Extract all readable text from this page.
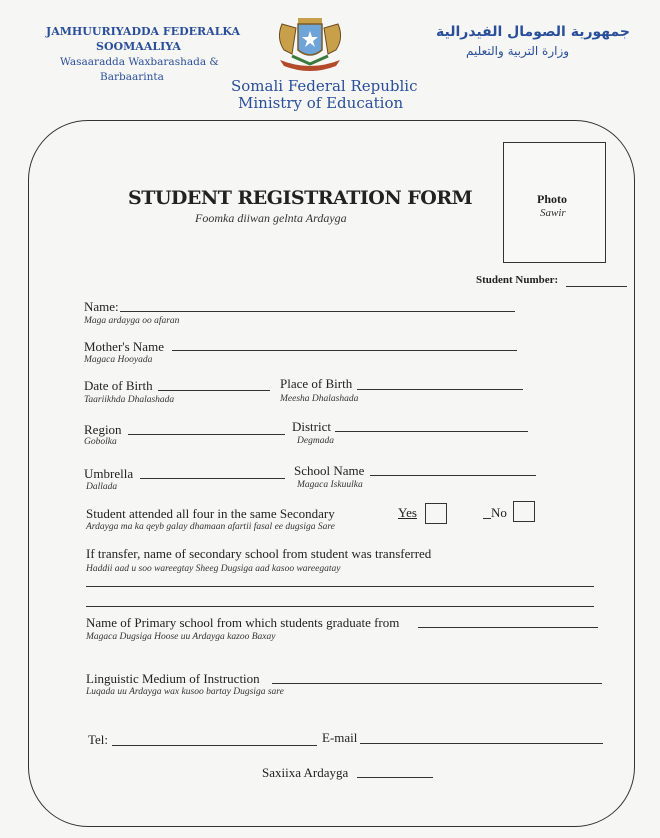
JAMHUURIYADDA FEDERALKA
SOOMAALIYA
Wasaaradda Waxbarashada &
Barbaarinta	Somali Federal Republic
Ministry of Education
جمهورية الصومال الفيدرالية
وزارة التربية والتعليم
STUDENT REGISTRATION FORM
Foomka diiwan gelnta Ardayga
Photo
Sawir
Student Number:
Name:
Maga ardayga oo afaran
Mother's Name
Magaca Hooyada
Date of Birth
Taariikhda Dhalashada
Place of Birth
Meesha Dhalashada
Region
Gobolka
District
Degmada
Umbrella
Dallada
School Name
Magaca Iskuulka
Student attended all four in the same Secondary
Ardayga ma ka qeyb galay dhamaan afartii fasal ee dugsiga Sare
Yes	No
If transfer, name of secondary school from student was transferred
Haddii aad u soo wareegtay Sheeg Dugsiga aad kasoo wareegatay
Name of Primary school from which students graduate from
Magaca Dugsiga Hoose uu Ardayga kazoo Baxay
Linguistic Medium of Instruction
Luqada uu Ardayga wax kusoo bartay Dugsiga sare
Tel:	E-mail
Saxiixa Ardayga
